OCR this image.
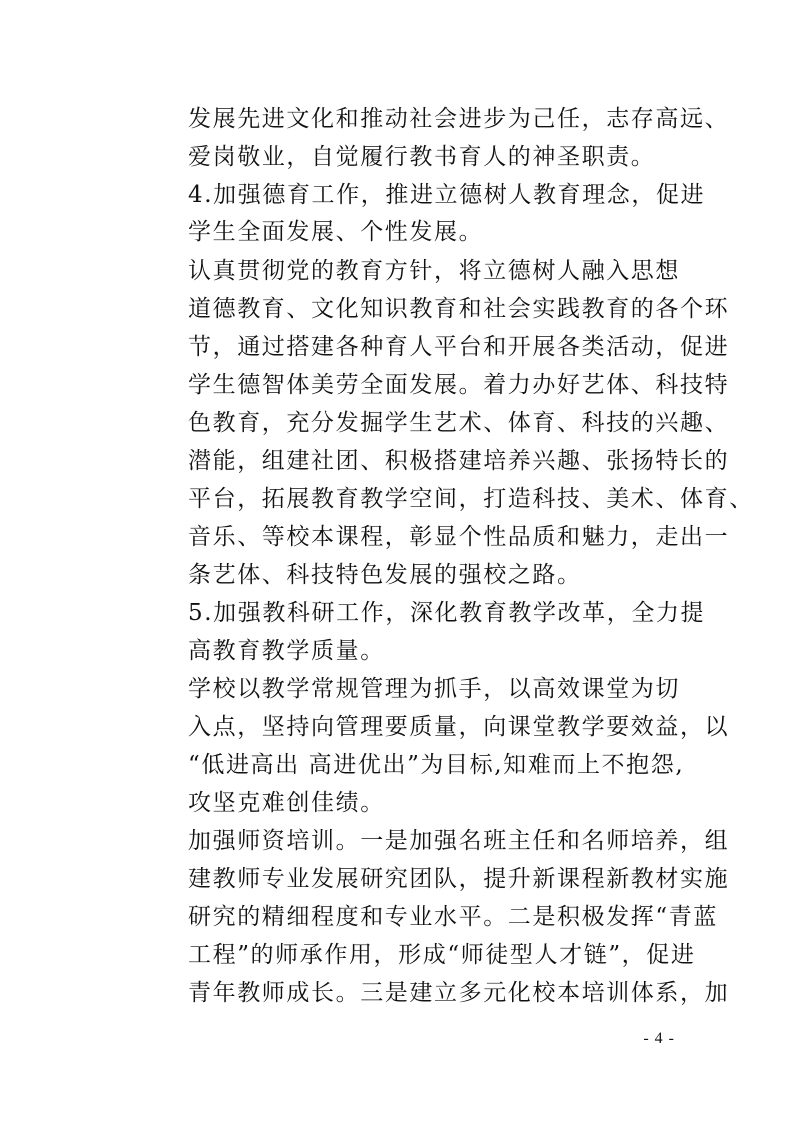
发展先进文化和推动社会进步为己任，志存高远、
爱岗敬业，自觉履行教书育人的神圣职责。
4.加强德育工作，推进立德树人教育理念，促进
学生全面发展、个性发展。
认真贯彻党的教育方针，将立德树人融入思想
道德教育、文化知识教育和社会实践教育的各个环
节，通过搭建各种育人平台和开展各类活动，促进
学生德智体美劳全面发展。着力办好艺体、科技特
色教育，充分发掘学生艺术、体育、科技的兴趣、
潜能，组建社团、积极搭建培养兴趣、张扬特长的
平台，拓展教育教学空间，打造科技、美术、体育、
音乐、等校本课程，彰显个性品质和魅力，走出一
条艺体、科技特色发展的强校之路。
5.加强教科研工作，深化教育教学改革，全力提
高教育教学质量。
学校以教学常规管理为抓手，以高效课堂为切
入点，坚持向管理要质量，向课堂教学要效益，以
“低进高出 高进优出”为目标,知难而上不抱怨,
攻坚克难创佳绩。
加强师资培训。一是加强名班主任和名师培养，组
建教师专业发展研究团队，提升新课程新教材实施
研究的精细程度和专业水平。二是积极发挥“青蓝
工程”的师承作用，形成“师徒型人才链”，促进
青年教师成长。三是建立多元化校本培训体系，加
- 4 -
